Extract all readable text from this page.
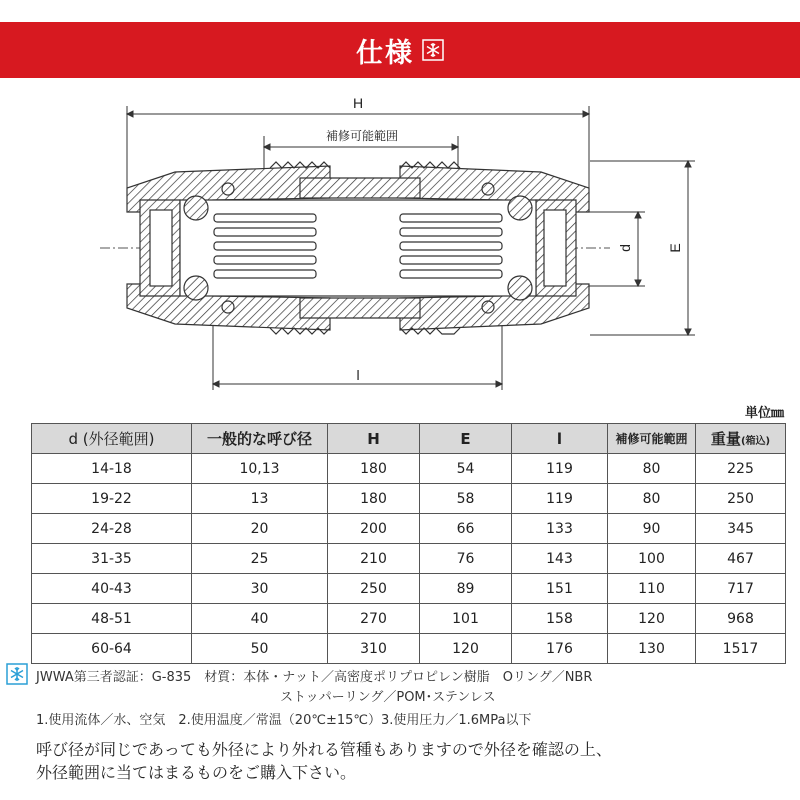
仕様
H
補修可能範囲
d E
l
単位㎜
d (外径範囲)	一般的な呼び径	H	E	l	補修可能範囲	重量(箱込)
14-18	10,13	180	54	119	80	225
19-22	13	180	58	119	80	250
24-28	20	200	66	133	90	345
31-35	25	210	76	143	100	467
40-43	30	250	89	151	110	717
48-51	40	270	101	158	120	968
60-64	50	310	120	176	130	1517
JWWA第三者認証：G-835　材質：本体・ナット／高密度ポリプロピレン樹脂　Oリング／NBR
ストッパーリング／POM･ステンレス
1.使用流体／水、空気　2.使用温度／常温（20℃±15℃）3.使用圧力／1.6MPa以下
呼び径が同じであっても外径により外れる管種もありますので外径を確認の上、
外径範囲に当てはまるものをご購入下さい。
